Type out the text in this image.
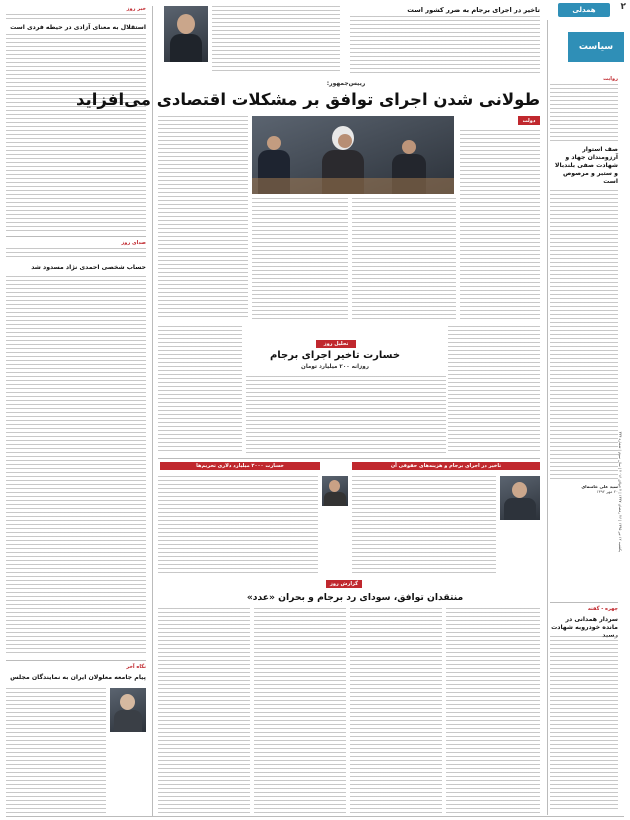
۲
همدلی
سیاست
یکشنبه ۱۲ تیر ۱۳۹۵ | ۲۶ رمضان ۱۴۳۷ | ۲ جولای ۲۰۱۶ | سال سوم | شماره ۳۳۴
روایت
صف استوار آرزومندان جهاد و شهادت صفی بلندبالا و ستبر و مرصوص است
سید علی خامنه‌ای
۲۰ مهر ۱۳۹۲
چهره - گفته
سردار همدانی در مانده خودروبه شهادت
تاخیر در اجرای برجام به ضرر کشور است
خبر روز
استقلال به معنای آزادی در حیطه فردی است
صدای روز
حساب شخصی احمدی نژاد مسدود شد
نگاه آخر
پیام جامعه معلولان ایران به نمایندگان مجلس
رییس‌جمهور:
طولانی شدن اجرای توافق بر مشکلات اقتصادی می‌افزاید
دولت
تحلیل روز
خسارت تاخیر اجرای برجام
روزانه ۲۰۰ میلیارد تومان
تاخیر در اجرای برجام و هزینه‌های حقوقی آن
خسارت ۲۰۰۰ میلیارد دلاری تحریم‌ها
گزارش روز
منتقدان توافق، سودای رد برجام و بحران «عدد»
